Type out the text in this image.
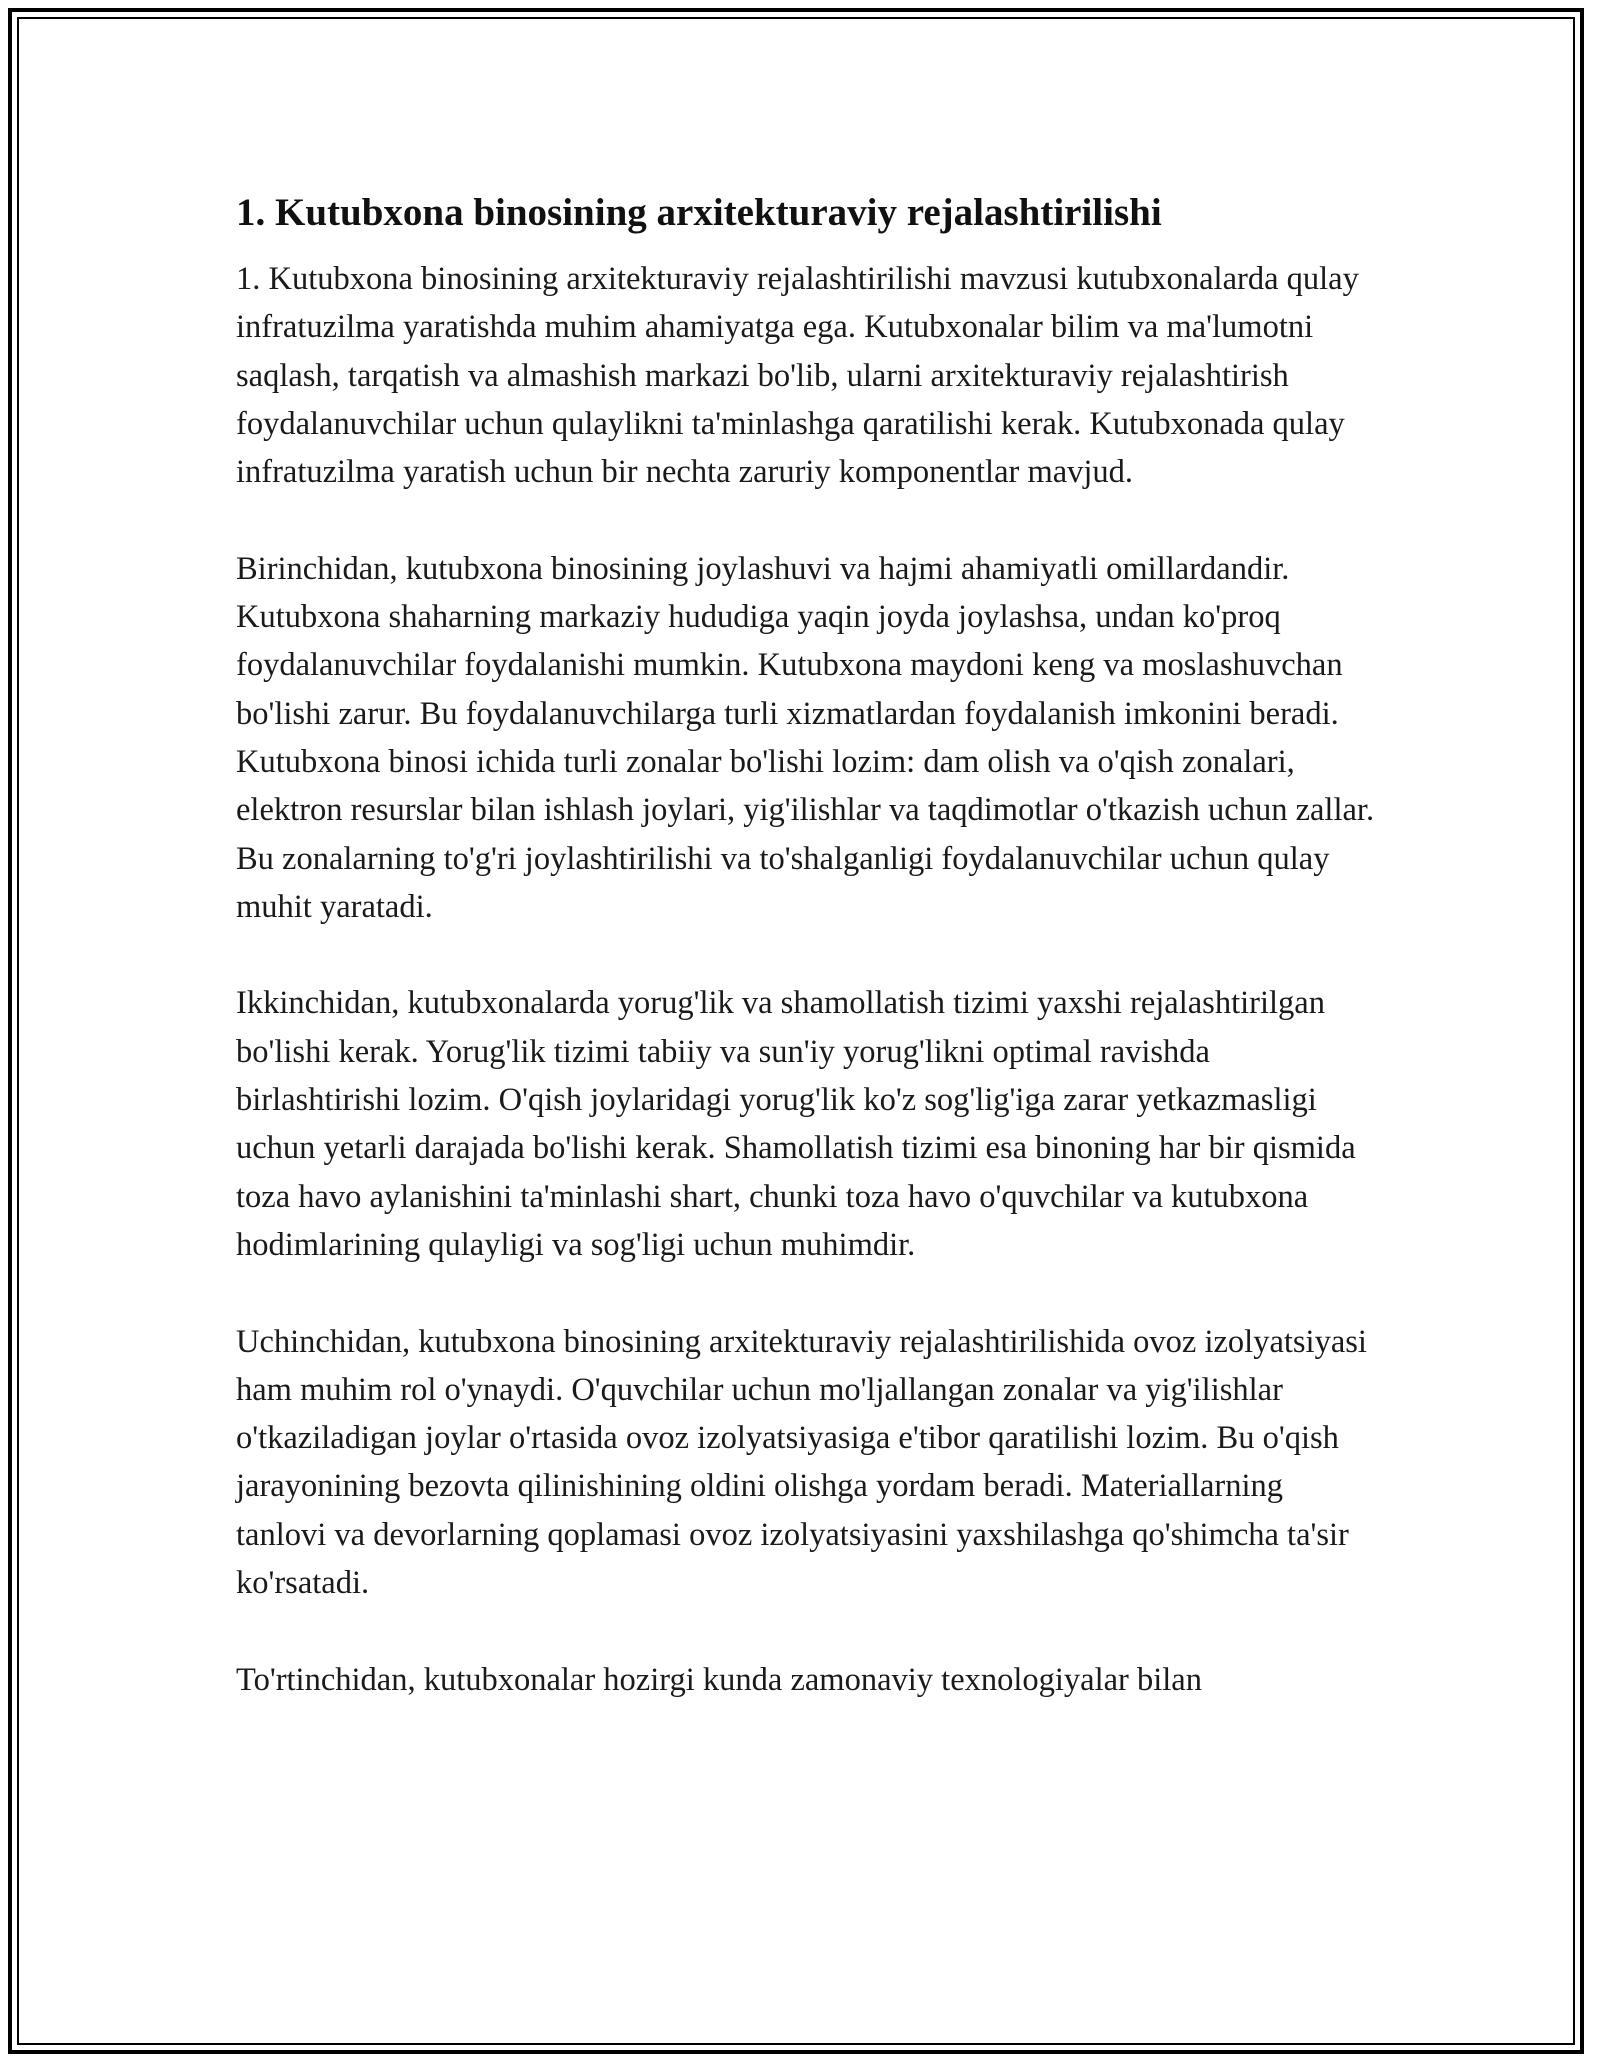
1. Kutubxona binosining arxitekturaviy rejalashtirilishi

1. Kutubxona binosining arxitekturaviy rejalashtirilishi mavzusi kutubxonalarda qulay infratuzilma yaratishda muhim ahamiyatga ega. Kutubxonalar bilim va ma'lumotni saqlash, tarqatish va almashish markazi bo'lib, ularni arxitekturaviy rejalashtirish foydalanuvchilar uchun qulaylikni ta'minlashga qaratilishi kerak. Kutubxonada qulay infratuzilma yaratish uchun bir nechta zaruriy komponentlar mavjud.

Birinchidan, kutubxona binosining joylashuvi va hajmi ahamiyatli omillardandir. Kutubxona shaharning markaziy hududiga yaqin joyda joylashsa, undan ko'proq foydalanuvchilar foydalanishi mumkin. Kutubxona maydoni keng va moslashuvchan bo'lishi zarur. Bu foydalanuvchilarga turli xizmatlardan foydalanish imkonini beradi. Kutubxona binosi ichida turli zonalar bo'lishi lozim: dam olish va o'qish zonalari, elektron resurslar bilan ishlash joylari, yig'ilishlar va taqdimotlar o'tkazish uchun zallar. Bu zonalarning to'g'ri joylashtirilishi va to'shalganligi foydalanuvchilar uchun qulay muhit yaratadi.

Ikkinchidan, kutubxonalarda yorug'lik va shamollatish tizimi yaxshi rejalashtirilgan bo'lishi kerak. Yorug'lik tizimi tabiiy va sun'iy yorug'likni optimal ravishda birlashtirishi lozim. O'qish joylaridagi yorug'lik ko'z sog'lig'iga zarar yetkazmasligi uchun yetarli darajada bo'lishi kerak. Shamollatish tizimi esa binoning har bir qismida toza havo aylanishini ta'minlashi shart, chunki toza havo o'quvchilar va kutubxona hodimlarining qulayligi va sog'ligi uchun muhimdir.

Uchinchidan, kutubxona binosining arxitekturaviy rejalashtirilishida ovoz izolyatsiyasi ham muhim rol o'ynaydi. O'quvchilar uchun mo'ljallangan zonalar va yig'ilishlar o'tkaziladigan joylar o'rtasida ovoz izolyatsiyasiga e'tibor qaratilishi lozim. Bu o'qish jarayonining bezovta qilinishining oldini olishga yordam beradi. Materiallarning tanlovi va devorlarning qoplamasi ovoz izolyatsiyasini yaxshilashga qo'shimcha ta'sir ko'rsatadi.

To'rtinchidan, kutubxonalar hozirgi kunda zamonaviy texnologiyalar bilan
